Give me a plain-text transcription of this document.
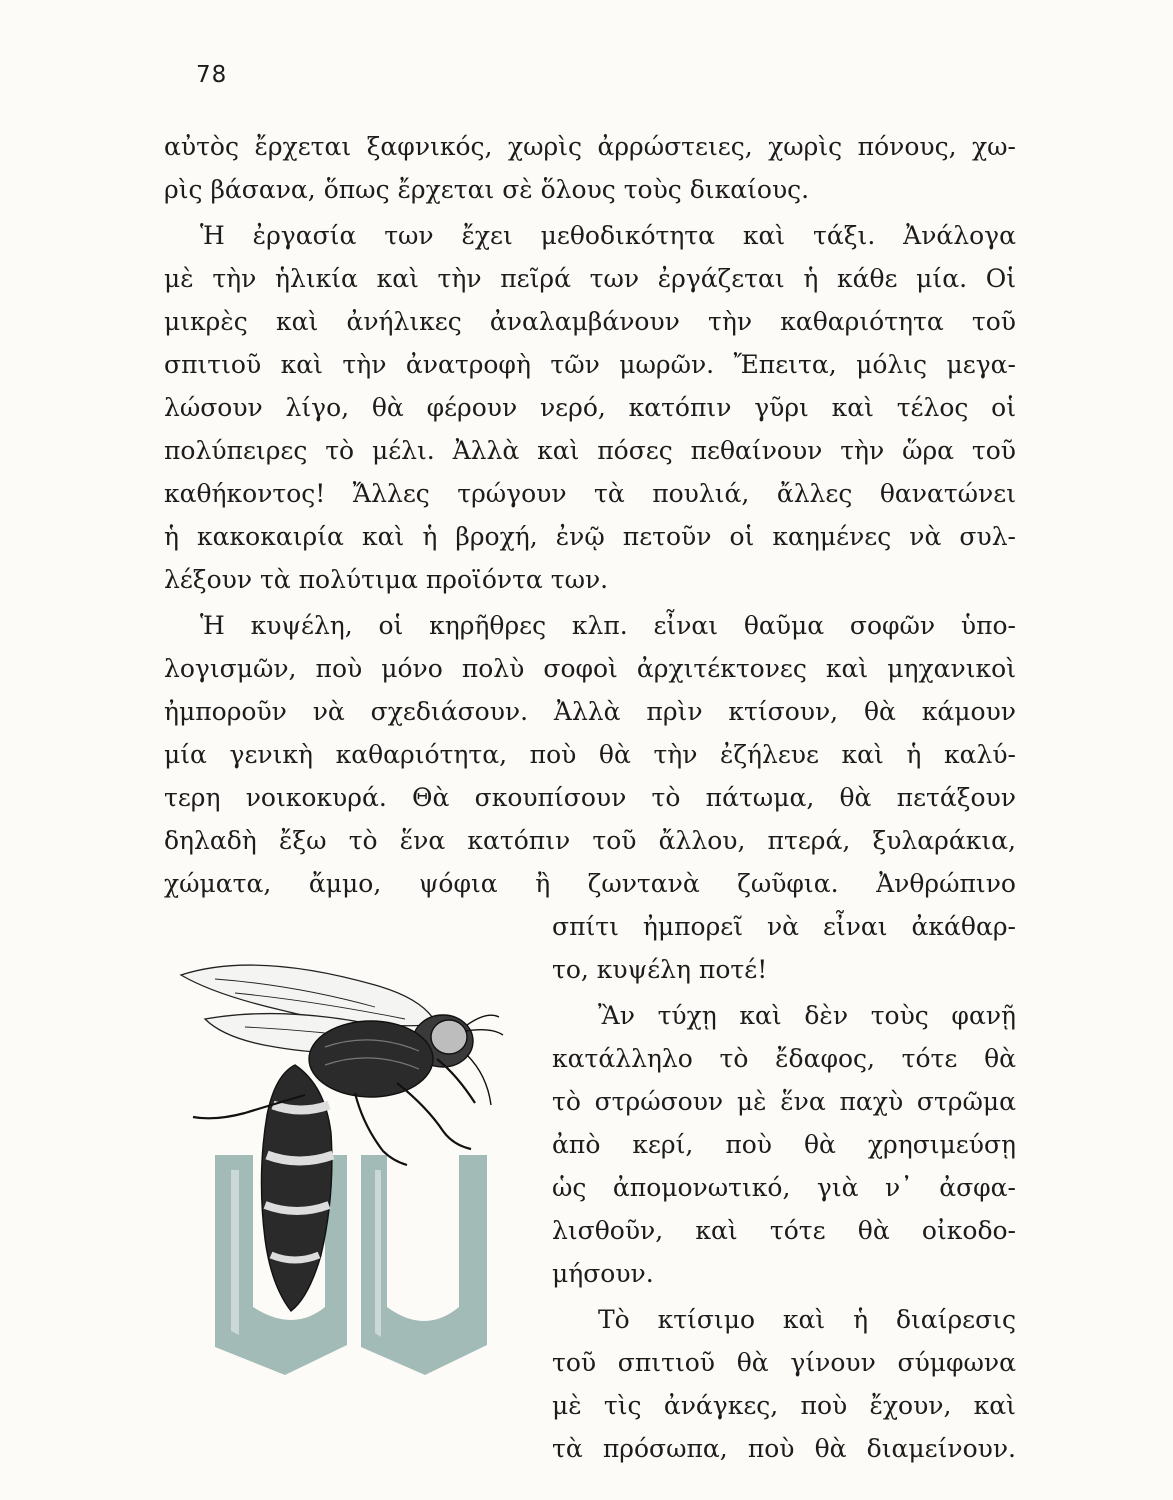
78
αὐτὸς ἔρχεται ξαφνικός, χωρὶς ἀρρώστειες, χωρὶς πόνους, χω-
ρὶς βάσανα, ὅπως ἔρχεται σὲ ὅλους τοὺς δικαίους.
Ἡ ἐργασία των ἔχει μεθοδικότητα καὶ τάξι. Ἀνάλογα
μὲ τὴν ἡλικία καὶ τὴν πεῖρά των ἐργάζεται ἡ κάθε μία. Οἱ
μικρὲς καὶ ἀνήλικες ἀναλαμβάνουν τὴν καθαριότητα τοῦ
σπιτιοῦ καὶ τὴν ἀνατροφὴ τῶν μωρῶν. Ἔπειτα, μόλις μεγα-
λώσουν λίγο, θὰ φέρουν νερό, κατόπιν γῦρι καὶ τέλος οἱ
πολύπειρες τὸ μέλι. Ἀλλὰ καὶ πόσες πεθαίνουν τὴν ὥρα τοῦ
καθήκοντος! Ἄλλες τρώγουν τὰ πουλιά, ἄλλες θανατώνει
ἡ κακοκαιρία καὶ ἡ βροχή, ἐνῷ πετοῦν οἱ καημένες νὰ συλ-
λέξουν τὰ πολύτιμα προϊόντα των.
Ἡ κυψέλη, οἱ κηρῆθρες κλπ. εἶναι θαῦμα σοφῶν ὑπο-
λογισμῶν, ποὺ μόνο πολὺ σοφοὶ ἀρχιτέκτονες καὶ μηχανικοὶ
ἠμποροῦν νὰ σχεδιάσουν. Ἀλλὰ πρὶν κτίσουν, θὰ κάμουν
μία γενικὴ καθαριότητα, ποὺ θὰ τὴν ἐζήλευε καὶ ἡ καλύ-
τερη νοικοκυρά. Θὰ σκουπίσουν τὸ πάτωμα, θὰ πετάξουν
δηλαδὴ ἔξω τὸ ἕνα κατόπιν τοῦ ἄλλου, πτερά, ξυλαράκια,
χώματα, ἄμμο, ψόφια ἢ ζωντανὰ ζωῦφια. Ἀνθρώπινο
σπίτι ἠμπορεῖ νὰ εἶναι ἀκάθαρ-
το, κυψέλη ποτέ!
Ἂν τύχῃ καὶ δὲν τοὺς φανῇ
κατάλληλο τὸ ἔδαφος, τότε θὰ
τὸ στρώσουν μὲ ἕνα παχὺ στρῶμα
ἀπὸ κερί, ποὺ θὰ χρησιμεύσῃ
ὡς ἀπομονωτικό, γιὰ ν᾽ ἀσφα-
λισθοῦν, καὶ τότε θὰ οἰκοδο-
μήσουν.
Τὸ κτίσιμο καὶ ἡ διαίρεσις
τοῦ σπιτιοῦ θὰ γίνουν σύμφωνα
μὲ τὶς ἀνάγκες, ποὺ ἔχουν, καὶ
τὰ πρόσωπα, ποὺ θὰ διαμείνουν.
